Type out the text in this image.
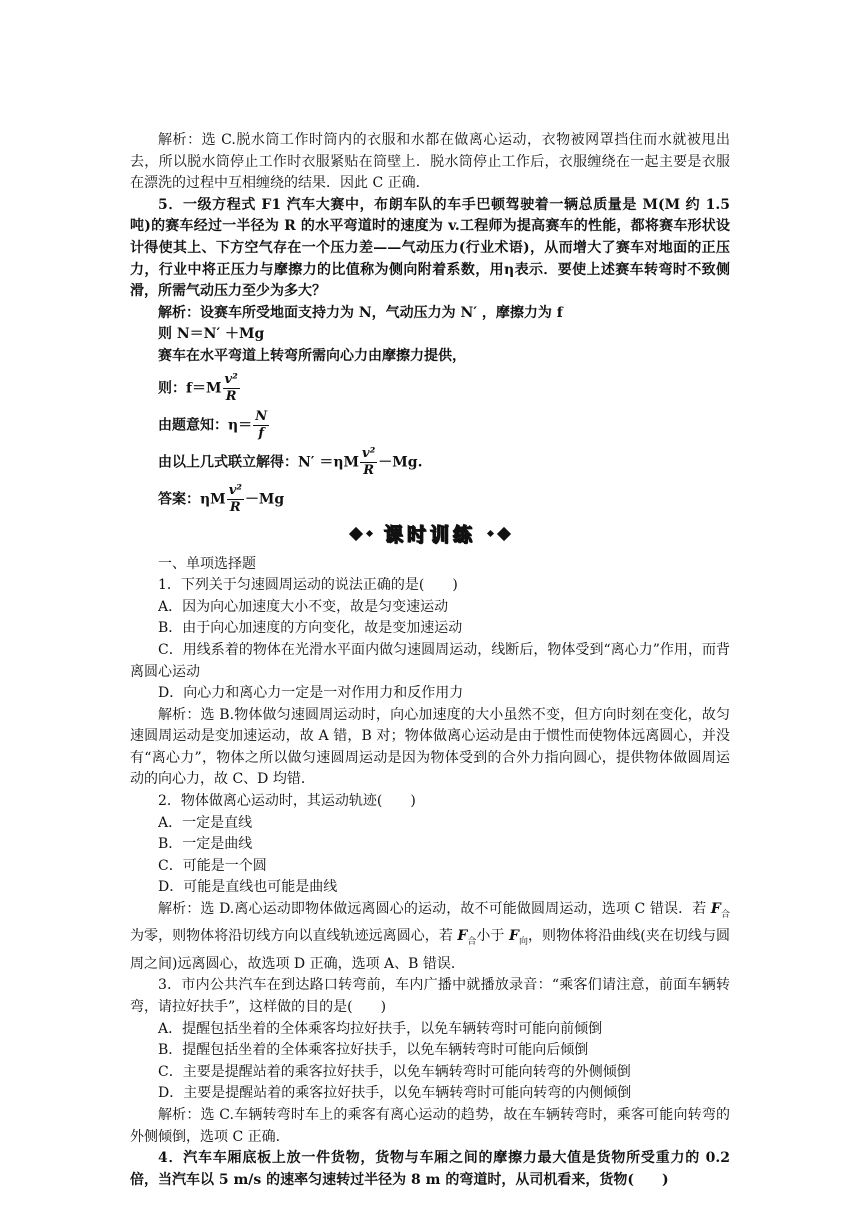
解析：选 C.脱水筒工作时筒内的衣服和水都在做离心运动，衣物被网罩挡住而水就被甩出去，所以脱水筒停止工作时衣服紧贴在筒壁上．脱水筒停止工作后，衣服缠绕在一起主要是衣服在漂洗的过程中互相缠绕的结果．因此 C 正确．

5．一级方程式 F1 汽车大赛中，布朗车队的车手巴顿驾驶着一辆总质量是 M(M 约 1.5 吨)的赛车经过一半径为 R 的水平弯道时的速度为 v.工程师为提高赛车的性能，都将赛车形状设计得使其上、下方空气存在一个压力差——气动压力(行业术语)，从而增大了赛车对地面的正压力，行业中将正压力与摩擦力的比值称为侧向附着系数，用η表示．要使上述赛车转弯时不致侧滑，所需气动压力至少为多大？

解析：设赛车所受地面支持力为 N，气动压力为 N′ ，摩擦力为 f

则 N＝N′ ＋Mg

赛车在水平弯道上转弯所需向心力由摩擦力提供，

则：$f=M \frac{\text{v²}}{R}$
由题意知：$\eta= \frac{N}{f}$
由以上几式联立解得：$N' =\eta M \frac{\text{v²}}{R} -Mg$.
答案：ηM $\frac{\text{v²}}{R} -Mg$
课时训练

一、单项选择题

1．下列关于匀速圆周运动的说法正确的是(　　)

A．因为向心加速度大小不变，故是匀变速运动

B．由于向心加速度的方向变化，故是变加速运动

C．用线系着的物体在光滑水平面内做匀速圆周运动，线断后，物体受到“离心力”作用，而背离圆心运动

D．向心力和离心力一定是一对作用力和反作用力

解析：选 B.物体做匀速圆周运动时，向心加速度的大小虽然不变，但方向时刻在变化，故匀速圆周运动是变加速运动，故 A 错，B 对；物体做离心运动是由于惯性而使物体远离圆心，并没有“离心力”，物体之所以做匀速圆周运动是因为物体受到的合外力指向圆心，提供物体做圆周运动的向心力，故 C、D 均错．

2．物体做离心运动时，其运动轨迹(　　)

A．一定是直线

B．一定是曲线

C．可能是一个圆

D．可能是直线也可能是曲线

解析：选 D.离心运动即物体做远离圆心的运动，故不可能做圆周运动，选项 C 错误．若 $F_合$为零，则物体将沿切线方向以直线轨迹远离圆心，若 $F_合$小于 $F_向$，则物体将沿曲线(夹在切线与圆周之间)远离圆心，故选项 D 正确，选项 A、B 错误．

3．市内公共汽车在到达路口转弯前，车内广播中就播放录音：“乘客们请注意，前面车辆转弯，请拉好扶手”，这样做的目的是(　　)

A．提醒包括坐着的全体乘客均拉好扶手，以免车辆转弯时可能向前倾倒

B．提醒包括坐着的全体乘客拉好扶手，以免车辆转弯时可能向后倾倒

C．主要是提醒站着的乘客拉好扶手，以免车辆转弯时可能向转弯的外侧倾倒

D．主要是提醒站着的乘客拉好扶手，以免车辆转弯时可能向转弯的内侧倾倒

解析：选 C.车辆转弯时车上的乘客有离心运动的趋势，故在车辆转弯时，乘客可能向转弯的外侧倾倒，选项 C 正确．

4．汽车车厢底板上放一件货物，货物与车厢之间的摩擦力最大值是货物所受重力的 0.2 倍，当汽车以 5 m/s 的速率匀速转过半径为 8 m 的弯道时，从司机看来，货物(　　)
